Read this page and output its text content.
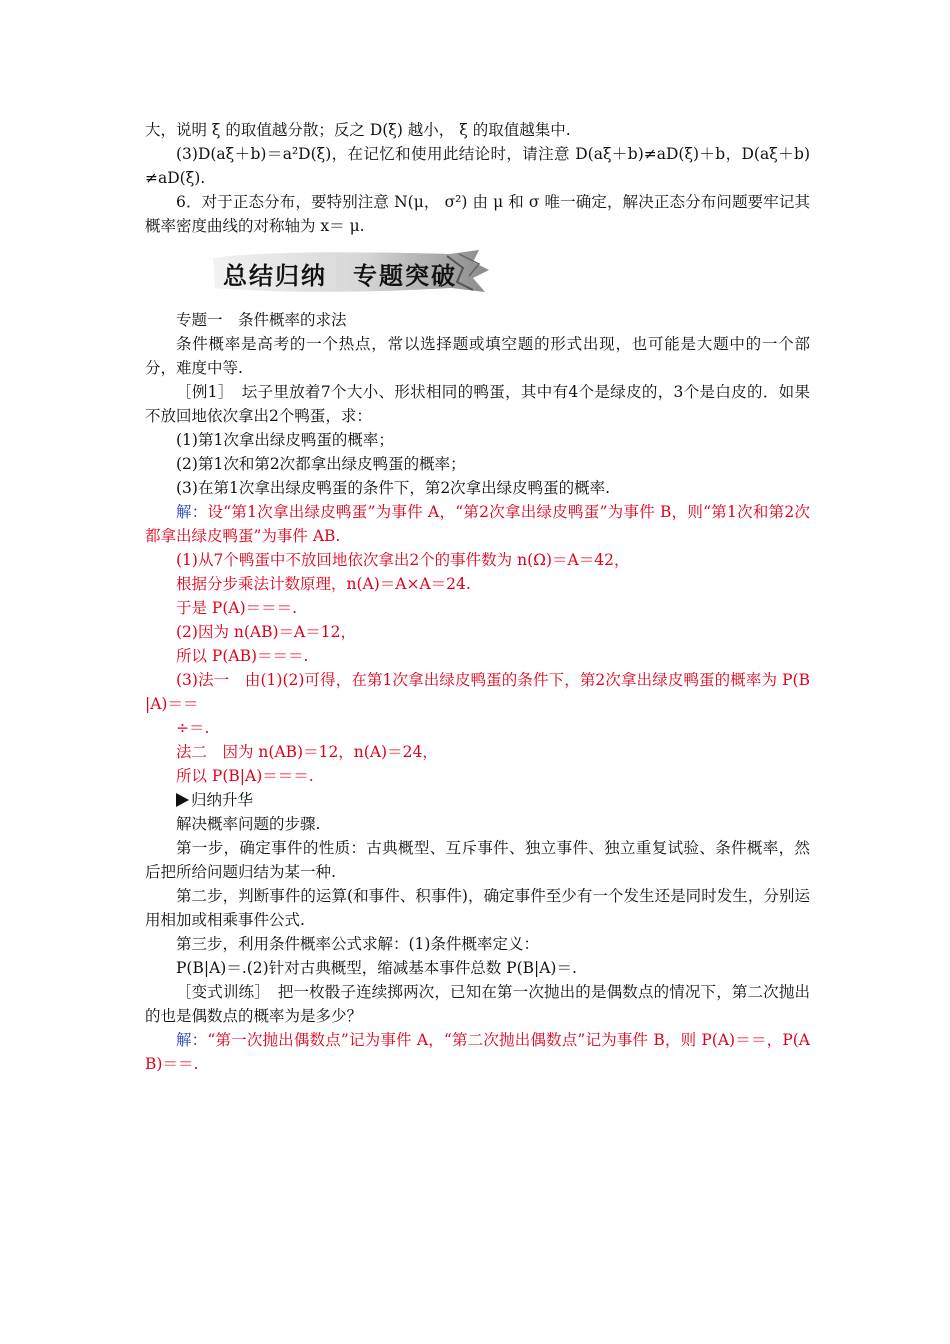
大，说明 ξ 的取值越分散；反之 D(ξ) 越小， ξ 的取值越集中.

(3)D(aξ＋b)＝a²D(ξ)，在记忆和使用此结论时，请注意 D(aξ＋b)≠aD(ξ)＋b，D(aξ＋b)≠aD(ξ).

6．对于正态分布，要特别注意 N(μ， σ²) 由 μ 和 σ 唯一确定，解决正态分布问题要牢记其概率密度曲线的对称轴为 x＝ μ.

总结归纳　专题突破

专题一　条件概率的求法

条件概率是高考的一个热点，常以选择题或填空题的形式出现，也可能是大题中的一个部分，难度中等.

［例1］　坛子里放着7个大小、形状相同的鸭蛋，其中有4个是绿皮的，3个是白皮的．如果不放回地依次拿出2个鸭蛋，求：

(1)第1次拿出绿皮鸭蛋的概率；

(2)第1次和第2次都拿出绿皮鸭蛋的概率；

(3)在第1次拿出绿皮鸭蛋的条件下，第2次拿出绿皮鸭蛋的概率.

解：设“第1次拿出绿皮鸭蛋”为事件 A，“第2次拿出绿皮鸭蛋”为事件 B，则“第1次和第2次都拿出绿皮鸭蛋”为事件 AB.

(1)从7个鸭蛋中不放回地依次拿出2个的事件数为 n(Ω)＝A＝42，

根据分步乘法计数原理，n(A)＝A×A＝24.

于是 P(A)＝＝＝.

(2)因为 n(AB)＝A＝12，

所以 P(AB)＝＝＝.

(3)法一　由(1)(2)可得，在第1次拿出绿皮鸭蛋的条件下，第2次拿出绿皮鸭蛋的概率为 P(B|A)＝＝

÷＝.

法二　因为 n(AB)＝12，n(A)＝24，

所以 P(B|A)＝＝＝.

归纳升华

解决概率问题的步骤.

第一步，确定事件的性质：古典概型、互斥事件、独立事件、独立重复试验、条件概率，然后把所给问题归结为某一种.

第二步，判断事件的运算(和事件、积事件)，确定事件至少有一个发生还是同时发生，分别运用相加或相乘事件公式.

第三步，利用条件概率公式求解：(1)条件概率定义：

P(B|A)＝.(2)针对古典概型，缩减基本事件总数 P(B|A)＝.

［变式训练］　把一枚骰子连续掷两次，已知在第一次抛出的是偶数点的情况下，第二次抛出的也是偶数点的概率为是多少？

解：“第一次抛出偶数点”记为事件 A，“第二次抛出偶数点”记为事件 B，则 P(A)＝＝，P(AB)＝＝.
